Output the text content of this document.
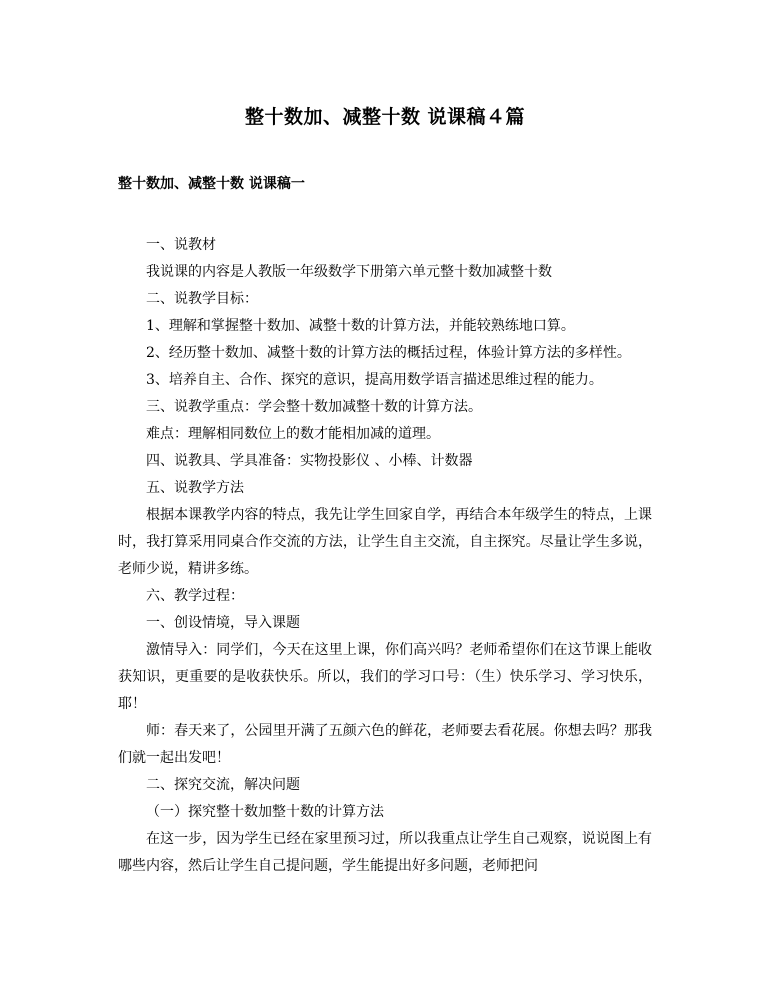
整十数加、减整十数 说课稿４篇
整十数加、减整十数 说课稿一

一、说教材

我说课的内容是人教版一年级数学下册第六单元整十数加减整十数

二、说教学目标：

1、理解和掌握整十数加、减整十数的计算方法，并能较熟练地口算。

2、经历整十数加、减整十数的计算方法的概括过程，体验计算方法的多样性。

3、培养自主、合作、探究的意识，提高用数学语言描述思维过程的能力。

三、说教学重点：学会整十数加减整十数的计算方法。

难点：理解相同数位上的数才能相加减的道理。

四、说教具、学具准备：实物投影仪 、小棒、计数器

五、说教学方法

根据本课教学内容的特点，我先让学生回家自学，再结合本年级学生的特点，上课时，我打算采用同桌合作交流的方法，让学生自主交流，自主探究。尽量让学生多说，老师少说，精讲多练。

六、教学过程：

一、创设情境，导入课题

激情导入：同学们，今天在这里上课，你们高兴吗？老师希望你们在这节课上能收获知识，更重要的是收获快乐。所以，我们的学习口号：（生）快乐学习、学习快乐，耶！

师：春天来了，公园里开满了五颜六色的鲜花，老师要去看花展。你想去吗？那我们就一起出发吧！

二、探究交流，解决问题

（一）探究整十数加整十数的计算方法

在这一步，因为学生已经在家里预习过，所以我重点让学生自己观察，说说图上有哪些内容，然后让学生自己提问题，学生能提出好多问题，老师把问
